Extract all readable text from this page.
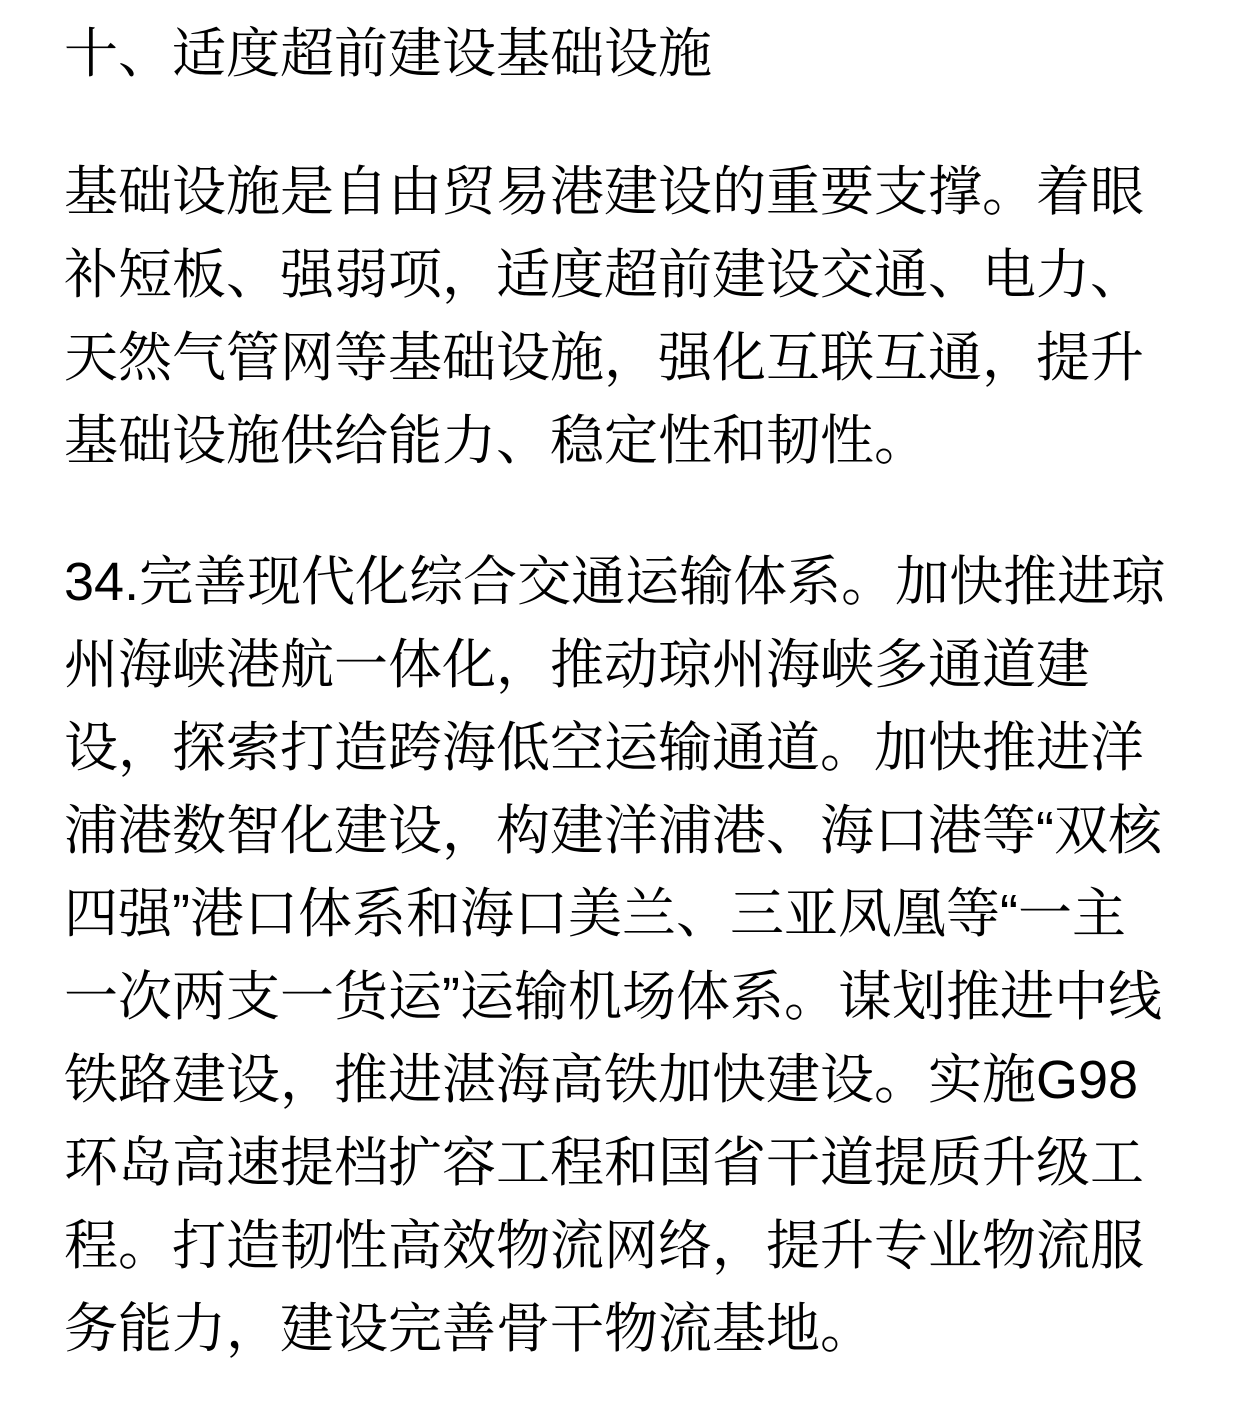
十、适度超前建设基础设施
基础设施是自由贸易港建设的重要支撑。着眼
补短板、强弱项，适度超前建设交通、电力、
天然气管网等基础设施，强化互联互通，提升
基础设施供给能力、稳定性和韧性。
34.完善现代化综合交通运输体系。加快推进琼
州海峡港航一体化，推动琼州海峡多通道建
设，探索打造跨海低空运输通道。加快推进洋
浦港数智化建设，构建洋浦港、海口港等“双核
四强”港口体系和海口美兰、三亚凤凰等“一主
一次两支一货运”运输机场体系。谋划推进中线
铁路建设，推进湛海高铁加快建设。实施G98
环岛高速提档扩容工程和国省干道提质升级工
程。打造韧性高效物流网络，提升专业物流服
务能力，建设完善骨干物流基地。
